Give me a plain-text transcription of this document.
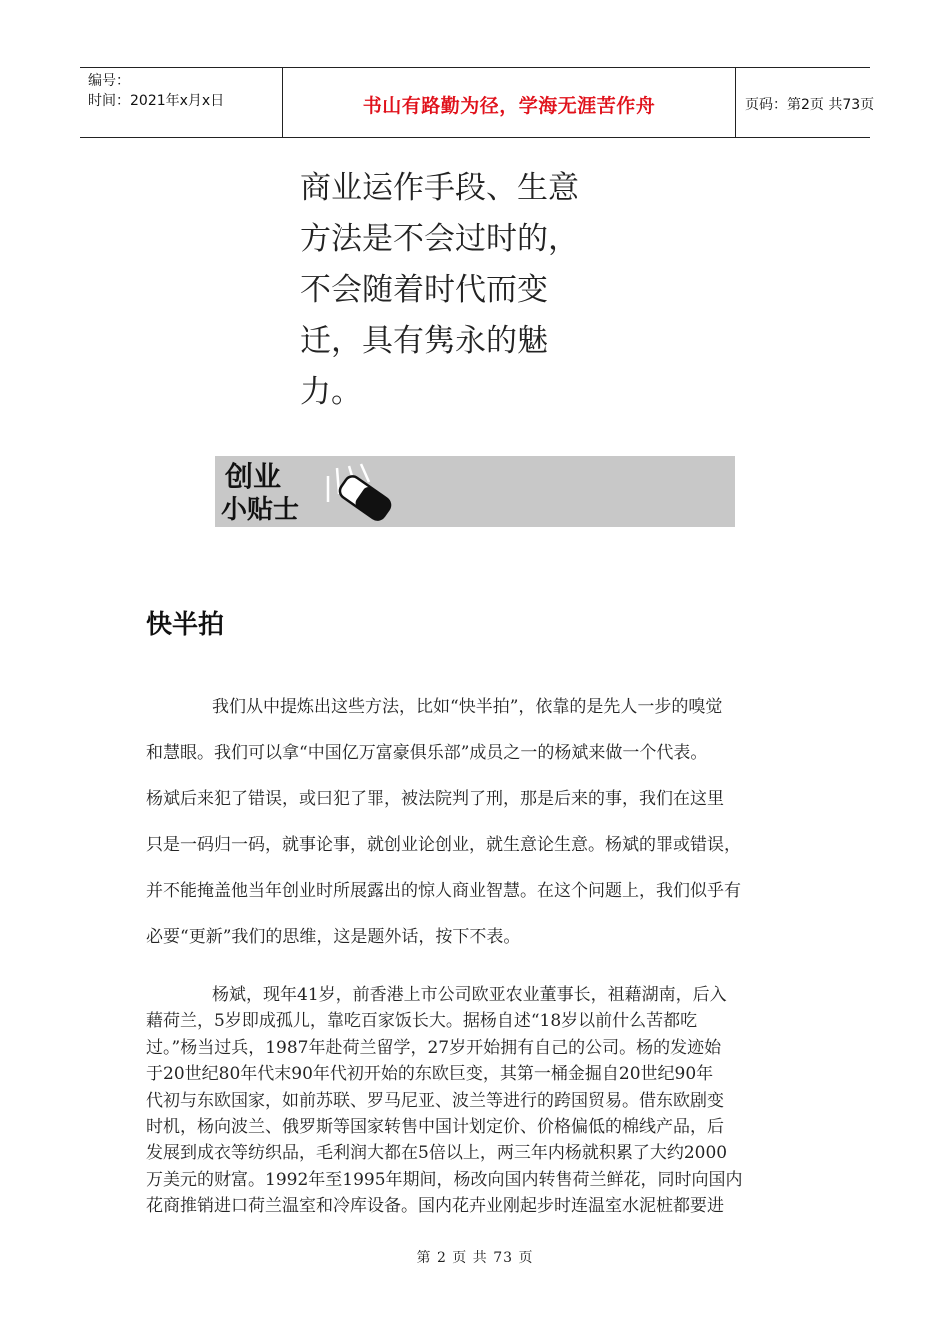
编号：
时间：2021年x月x日	书山有路勤为径，学海无涯苦作舟	页码：第2页 共73页
商业运作手段、生意
方法是不会过时的，
不会随着时代而变
迁，具有隽永的魅
力。
创业
小贴士
快半拍
我们从中提炼出这些方法，比如“快半拍”，依靠的是先人一步的嗅觉
和慧眼。我们可以拿“中国亿万富豪俱乐部”成员之一的杨斌来做一个代表。
杨斌后来犯了错误，或曰犯了罪，被法院判了刑，那是后来的事，我们在这里
只是一码归一码，就事论事，就创业论创业，就生意论生意。杨斌的罪或错误，
并不能掩盖他当年创业时所展露出的惊人商业智慧。在这个问题上，我们似乎有
必要“更新”我们的思维，这是题外话，按下不表。
杨斌，现年41岁，前香港上市公司欧亚农业董事长，祖藉湖南，后入
藉荷兰，5岁即成孤儿，靠吃百家饭长大。据杨自述“18岁以前什么苦都吃
过。”杨当过兵，1987年赴荷兰留学，27岁开始拥有自己的公司。杨的发迹始
于20世纪80年代末90年代初开始的东欧巨变，其第一桶金掘自20世纪90年
代初与东欧国家，如前苏联、罗马尼亚、波兰等进行的跨国贸易。借东欧剧变
时机，杨向波兰、俄罗斯等国家转售中国计划定价、价格偏低的棉线产品，后
发展到成衣等纺织品，毛利润大都在5倍以上，两三年内杨就积累了大约2000
万美元的财富。1992年至1995年期间，杨改向国内转售荷兰鲜花，同时向国内
花商推销进口荷兰温室和冷库设备。国内花卉业刚起步时连温室水泥桩都要进
第 2 页 共 73 页
